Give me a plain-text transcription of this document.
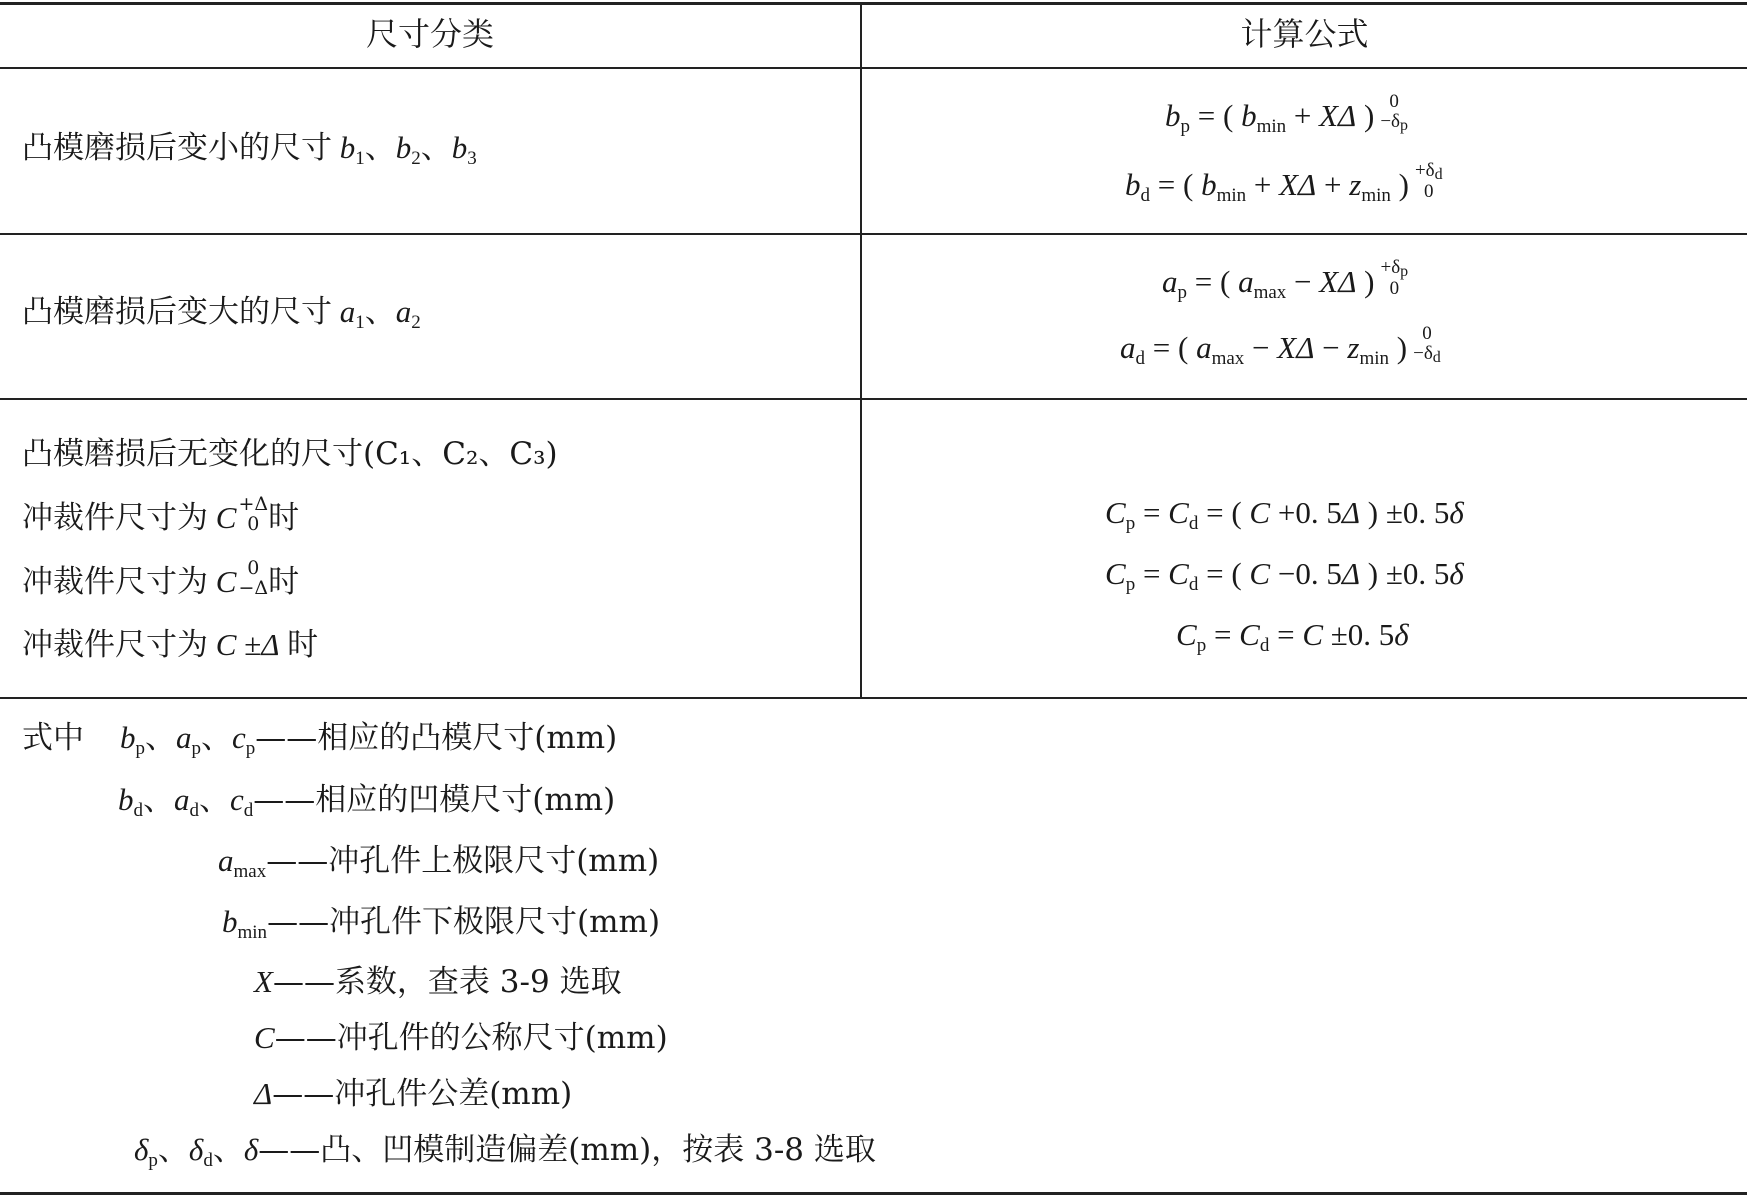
尺寸分类	计算公式
凸模磨损后变小的尺寸 $b_1$、$b_2$、$b_3$
$b_p$ = ( $b_{min} + X\Delta$ ) 0
$-\delta_p$
$b_d$ = ( $b_{min} + X\Delta + z_{min}$ ) $+\delta_d$
0
凸模磨损后变大的尺寸 $a_1$、$a_2$
$a_p$ = ( $a_{max} - X\Delta$ ) $+\delta_p$
0
$a_d$ = ( $a_{max} - X\Delta - z_{min}$ ) 0
$-\delta_d$
凸模磨损后无变化的尺寸(C₁、C₂、C₃)
冲裁件尺寸为 C +Δ
0 时
冲裁件尺寸为 C 0
−Δ 时
冲裁件尺寸为 C ±Δ 时
$C_p = C_d$ = ( C +0. 5Δ ) ±0. 5δ
$C_p = C_d$ = ( C −0. 5Δ ) ±0. 5δ
$C_p = C_d = C \pm 0$. 5δ
式中 $b_p$、$a_p$、$c_p——$相应的凸模尺寸(mm)
$b_d$、$a_d$、$c_d——$相应的凹模尺寸(mm)
$a_{max}——$冲孔件上极限尺寸(mm)
$b_{min}——$冲孔件下极限尺寸(mm)
X——系数，查表 3-9 选取
C——冲孔件的公称尺寸(mm)
Δ——冲孔件公差(mm)
$\delta_p$、$\delta_d$、δ——凸、凹模制造偏差(mm)，按表 3-8 选取
